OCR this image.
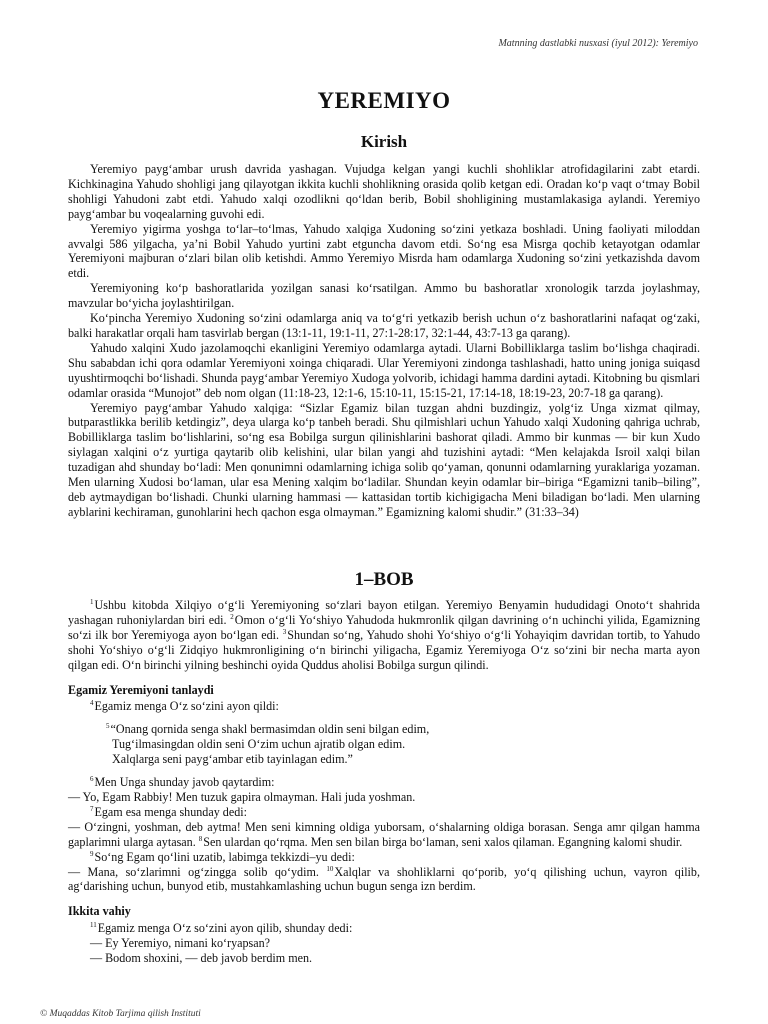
Matnning dastlabki nusxasi (iyul 2012): Yeremiyo
YEREMIYO
Kirish

Yeremiyo payg‘ambar urush davrida yashagan. Vujudga kelgan yangi kuchli shohliklar atrofidagilarini zabt etardi. Kichkinagina Yahudo shohligi jang qilayotgan ikkita kuchli shohlikning orasida qolib ketgan edi. Oradan ko‘p vaqt o‘tmay Bobil shohligi Yahudoni zabt etdi. Yahudo xalqi ozodlikni qo‘ldan berib, Bobil shohligining mustamlakasiga aylandi. Yeremiyo payg‘ambar bu voqealarning guvohi edi.

Yeremiyo yigirma yoshga to‘lar–to‘lmas, Yahudo xalqiga Xudoning so‘zini yetkaza boshladi. Uning faoliyati miloddan avvalgi 586 yilgacha, ya’ni Bobil Yahudo yurtini zabt etguncha davom etdi. So‘ng esa Misrga qochib ketayotgan odamlar Yeremiyoni majburan o‘zlari bilan olib ketishdi. Ammo Yeremiyo Misrda ham odamlarga Xudoning so‘zini yetkazishda davom etdi.

Yeremiyoning ko‘p bashoratlarida yozilgan sanasi ko‘rsatilgan. Ammo bu bashoratlar xronologik tarzda joylashmay, mavzular bo‘yicha joylashtirilgan.

Ko‘pincha Yeremiyo Xudoning so‘zini odamlarga aniq va to‘g‘ri yetkazib berish uchun o‘z bashoratlarini nafaqat og‘zaki, balki harakatlar orqali ham tasvirlab bergan (13:1-11, 19:1-11, 27:1-28:17, 32:1-44, 43:7-13 ga qarang).

Yahudo xalqini Xudo jazolamoqchi ekanligini Yeremiyo odamlarga aytadi. Ularni Bobilliklarga taslim bo‘lishga chaqiradi. Shu sababdan ichi qora odamlar Yeremiyoni xoinga chiqaradi. Ular Yeremiyoni zindonga tashlashadi, hatto uning joniga suiqasd uyushtirmoqchi bo‘lishadi. Shunda payg‘ambar Yeremiyo Xudoga yolvorib, ichidagi hamma dardini aytadi. Kitobning bu qismlari odamlar orasida “Munojot” deb nom olgan (11:18-23, 12:1-6, 15:10-11, 15:15-21, 17:14-18, 18:19-23, 20:7-18 ga qarang).

Yeremiyo payg‘ambar Yahudo xalqiga: “Sizlar Egamiz bilan tuzgan ahdni buzdingiz, yolg‘iz Unga xizmat qilmay, butparastlikka berilib ketdingiz”, deya ularga ko‘p tanbeh beradi. Shu qilmishlari uchun Yahudo xalqi Xudoning qahriga uchrab, Bobilliklarga taslim bo‘lishlarini, so‘ng esa Bobilga surgun qilinishlarini bashorat qiladi. Ammo bir kunmas — bir kun Xudo siylagan xalqini o‘z yurtiga qaytarib olib kelishini, ular bilan yangi ahd tuzishini aytadi: “Men kelajakda Isroil xalqi bilan tuzadigan ahd shunday bo‘ladi: Men qonunimni odamlarning ichiga solib qo‘yaman, qonunni odamlarning yuraklariga yozaman. Men ularning Xudosi bo‘laman, ular esa Mening xalqim bo‘ladilar. Shundan keyin odamlar bir–biriga “Egamizni tanib–biling”, deb aytmaydigan bo‘lishadi. Chunki ularning hammasi — kattasidan tortib kichigigacha Meni biladigan bo‘ladi. Men ularning ayblarini kechiraman, gunohlarini hech qachon esga olmayman.” Egamizning kalomi shudir.” (31:33–34)

1–BOB

$^1$Ushbu kitobda Xilqiyo o‘g‘li Yeremiyoning so‘zlari bayon etilgan. Yeremiyo Benyamin hududidagi Onoto‘t shahrida yashagan ruhoniylardan biri edi. $^2$Omon o‘g‘li Yo‘shiyo Yahudoda hukmronlik qilgan davrining o‘n uchinchi yilida, Egamizning so‘zi ilk bor Yeremiyoga ayon bo‘lgan edi. $^3$Shundan so‘ng, Yahudo shohi Yo‘shiyo o‘g‘li Yohayiqim davridan tortib, to Yahudo shohi Yo‘shiyo o‘g‘li Zidqiyo hukmronligining o‘n birinchi yiligacha, Egamiz Yeremiyoga O‘z so‘zini bir necha marta ayon qilgan edi. O‘n birinchi yilning beshinchi oyida Quddus aholisi Bobilga surgun qilindi.

Egamiz Yeremiyoni tanlaydi

$^4$Egamiz menga O‘z so‘zini ayon qildi:

$^5$“Onang qornida senga shakl bermasimdan oldin seni bilgan edim,
Tug‘ilmasingdan oldin seni O‘zim uchun ajratib olgan edim.
Xalqlarga seni payg‘ambar etib tayinlagan edim.”

$^6$Men Unga shunday javob qaytardim:

— Yo, Egam Rabbiy! Men tuzuk gapira olmayman. Hali juda yoshman.

$^7$Egam esa menga shunday dedi:

— O‘zingni, yoshman, deb aytma! Men seni kimning oldiga yuborsam, o‘shalarning oldiga borasan. Senga amr qilgan hamma gaplarimni ularga aytasan. $^8$Sen ulardan qo‘rqma. Men sen bilan birga bo‘laman, seni xalos qilaman. Egangning kalomi shudir.

$^9$So‘ng Egam qo‘lini uzatib, labimga tekkizdi–yu dedi:

— Mana, so‘zlarimni og‘zingga solib qo‘ydim. $^{10}$Xalqlar va shohliklarni qo‘porib, yo‘q qilishing uchun, vayron qilib, ag‘darishing uchun, bunyod etib, mustahkamlashing uchun bugun senga izn berdim.

Ikkita vahiy

$^{11}$Egamiz menga O‘z so‘zini ayon qilib, shunday dedi:

— Ey Yeremiyo, nimani ko‘ryapsan?

— Bodom shoxini, — deb javob berdim men.

© Muqaddas Kitob Tarjima qilish Instituti
